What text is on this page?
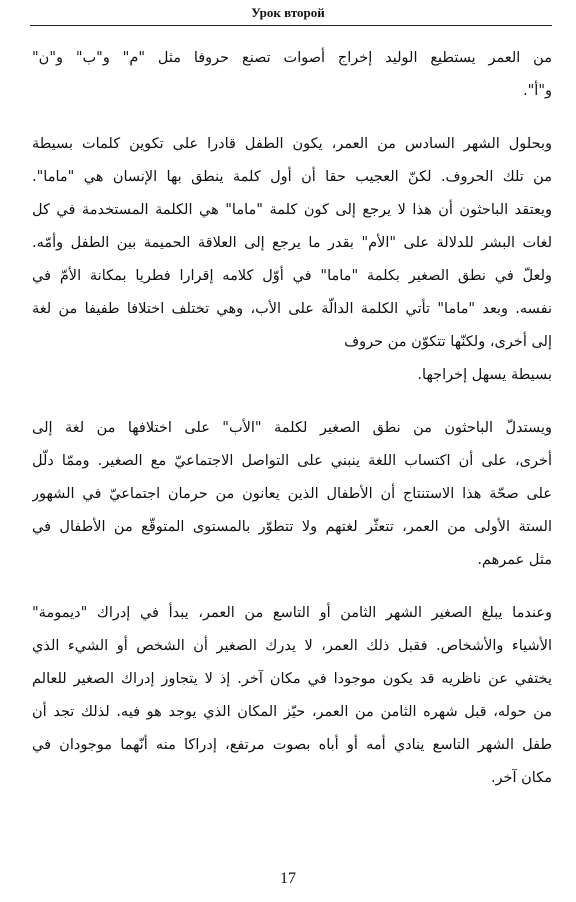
Урок второй
من العمر يستطيع الوليد إخراج أصوات تصنع حروفا مثل "م" و"ب" و"ن"
و"أ".
وبحلول الشهر السادس من العمر، يكون الطفل قادرا على تكوين كلمات بسيطة
من تلك الحروف. لكنّ العجيب حقا أن أول كلمة ينطق بها الإنسان هي "ماما".
ويعتقد الباحثون أن هذا لا يرجع إلى كون كلمة "ماما" هي الكلمة المستخدمة في كل
لغات البشر للدلالة على "الأم" بقدر ما يرجع إلى العلاقة الحميمة بين الطفل وأمّه.
ولعلّ في نطق الصغير بكلمة "ماما" في أوّل كلامه إقرارا فطريا بمكانة الأمّ في
نفسه. وبعد "ماما" تأتي الكلمة الدالّة على الأب، وهي تختلف اختلافا طفيفا من لغة
إلى أخرى، ولكنّها تتكوّن من حروف
بسيطة يسهل إخراجها.
ويستدلّ الباحثون من نطق الصغير لكلمة "الأب" على اختلافها من لغة إلى
أخرى، على أن اكتساب اللغة ينبني على التواصل الاجتماعيّ مع الصغير. وممّا دلّل
على صحّة هذا الاستنتاج أن الأطفال الذين يعانون من حرمان اجتماعيّ في الشهور
الستة الأولى من العمر، تتعثّر لغتهم ولا تتطوّر بالمستوى المتوقّع من الأطفال في
مثل عمرهم.
وعندما يبلغ الصغير الشهر الثامن أو التاسع من العمر، يبدأ في إدراك "ديمومة"
الأشياء والأشخاص. فقبل ذلك العمر، لا يدرك الصغير أن الشخص أو الشيء الذي
يختفي عن ناظريه قد يكون موجودا في مكان آخر. إذ لا يتجاوز إدراك الصغير للعالم
من حوله، قبل شهره الثامن من العمر، حيّز المكان الذي يوجد هو فيه. لذلك تجد أن
طفل الشهر التاسع ينادي أمه أو أباه بصوت مرتفع، إدراكا منه أنّهما موجودان في
مكان آخر.
17
